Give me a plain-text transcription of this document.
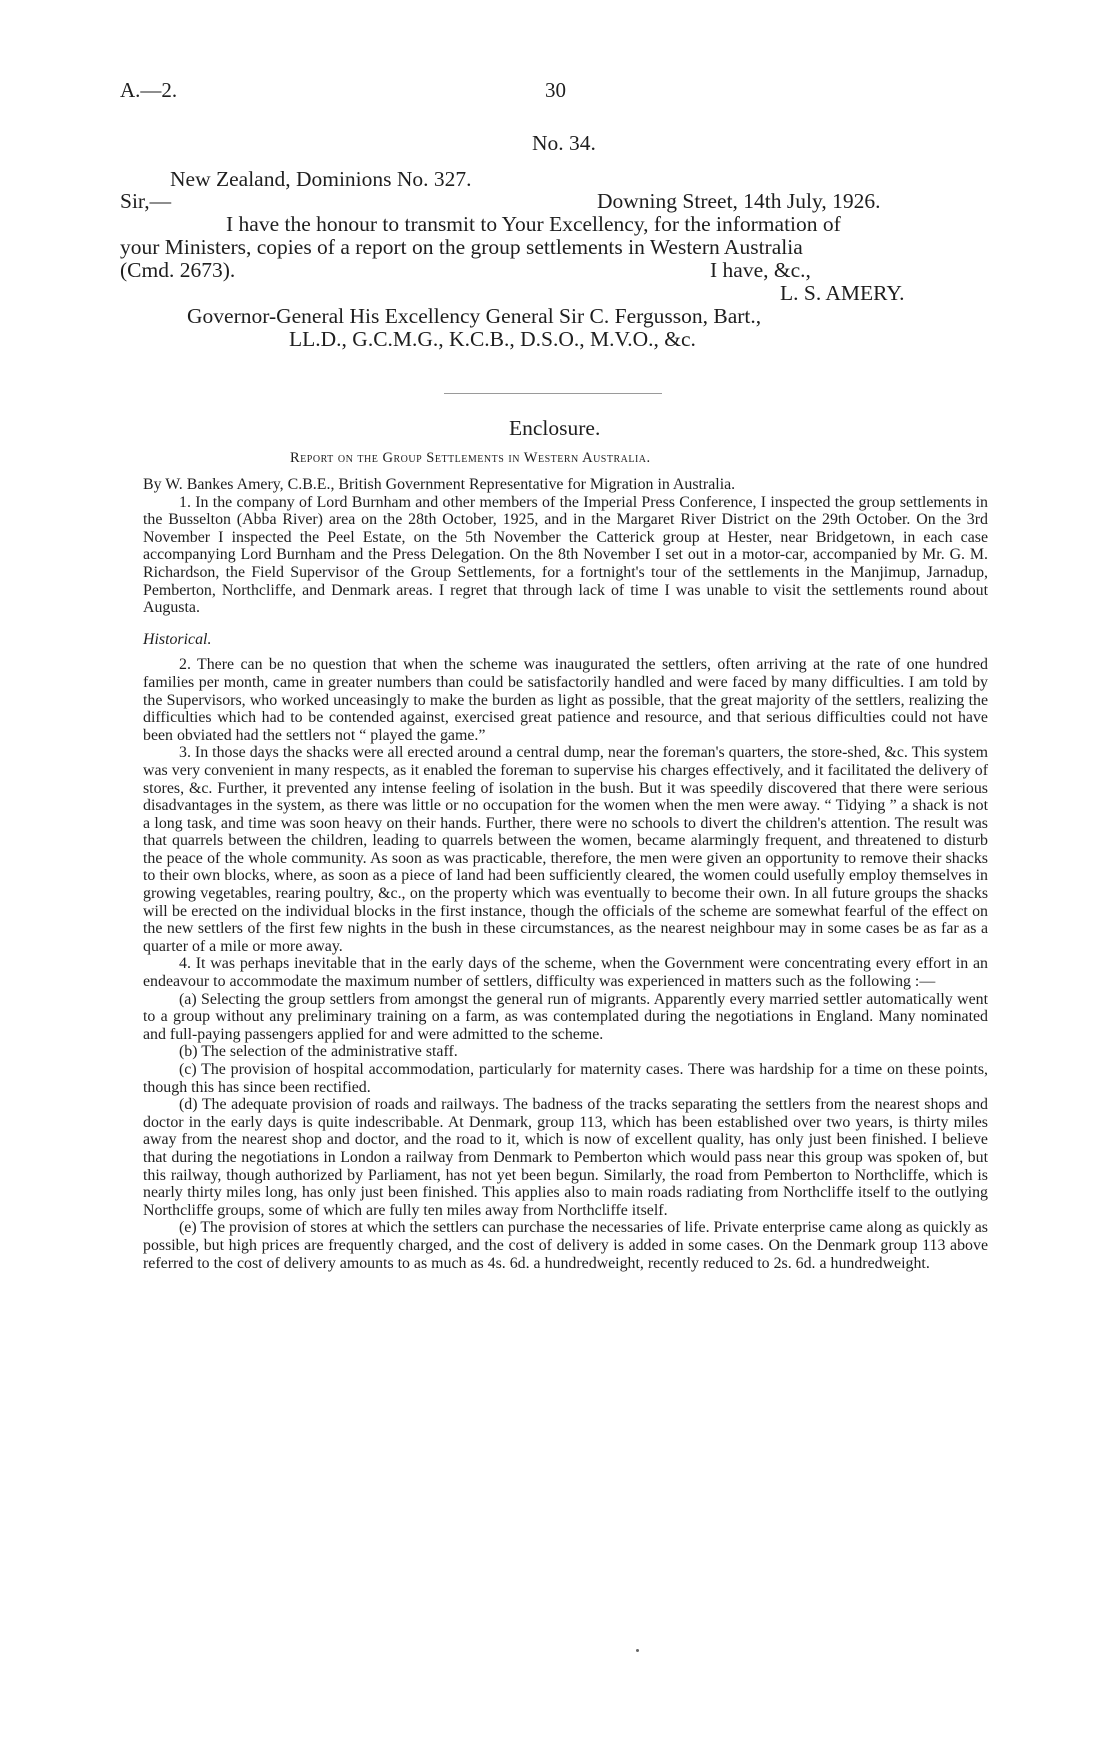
A.—2.	30
No. 34.
New Zealand, Dominions No. 327.
Sir,—	Downing Street, 14th July, 1926.
I have the honour to transmit to Your Excellency, for the information of
your Ministers, copies of a report on the group settlements in Western Australia
(Cmd. 2673).	I have, &c.,
L. S. AMERY.
Governor-General His Excellency General Sir C. Fergusson, Bart.,
LL.D., G.C.M.G., K.C.B., D.S.O., M.V.O., &c.
Enclosure.
Report on the Group Settlements in Western Australia.

By W. Bankes Amery, C.B.E., British Government Representative for Migration in Australia.

1. In the company of Lord Burnham and other members of the Imperial Press Conference, I inspected the group settlements in the Busselton (Abba River) area on the 28th October, 1925, and in the Margaret River District on the 29th October. On the 3rd November I inspected the Peel Estate, on the 5th November the Catterick group at Hester, near Bridgetown, in each case accompanying Lord Burnham and the Press Delegation. On the 8th November I set out in a motor-car, accompanied by Mr. G. M. Richardson, the Field Supervisor of the Group Settlements, for a fortnight's tour of the settlements in the Manjimup, Jarnadup, Pemberton, Northcliffe, and Denmark areas. I regret that through lack of time I was unable to visit the settlements round about Augusta.

Historical.

2. There can be no question that when the scheme was inaugurated the settlers, often arriving at the rate of one hundred families per month, came in greater numbers than could be satisfactorily handled and were faced by many difficulties. I am told by the Supervisors, who worked unceasingly to make the burden as light as possible, that the great majority of the settlers, realizing the difficulties which had to be contended against, exercised great patience and resource, and that serious difficulties could not have been obviated had the settlers not “ played the game.”

3. In those days the shacks were all erected around a central dump, near the foreman's quarters, the store-shed, &c. This system was very convenient in many respects, as it enabled the foreman to supervise his charges effectively, and it facilitated the delivery of stores, &c. Further, it prevented any intense feeling of isolation in the bush. But it was speedily discovered that there were serious disadvantages in the system, as there was little or no occupation for the women when the men were away. “ Tidying ” a shack is not a long task, and time was soon heavy on their hands. Further, there were no schools to divert the children's attention. The result was that quarrels between the children, leading to quarrels between the women, became alarmingly frequent, and threatened to disturb the peace of the whole community. As soon as was practicable, therefore, the men were given an opportunity to remove their shacks to their own blocks, where, as soon as a piece of land had been sufficiently cleared, the women could usefully employ themselves in growing vegetables, rearing poultry, &c., on the property which was eventually to become their own. In all future groups the shacks will be erected on the individual blocks in the first instance, though the officials of the scheme are somewhat fearful of the effect on the new settlers of the first few nights in the bush in these circumstances, as the nearest neighbour may in some cases be as far as a quarter of a mile or more away.

4. It was perhaps inevitable that in the early days of the scheme, when the Government were concentrating every effort in an endeavour to accommodate the maximum number of settlers, difficulty was experienced in matters such as the following :—

(a) Selecting the group settlers from amongst the general run of migrants. Apparently every married settler automatically went to a group without any preliminary training on a farm, as was contemplated during the negotiations in England. Many nominated and full-paying passengers applied for and were admitted to the scheme.

(b) The selection of the administrative staff.

(c) The provision of hospital accommodation, particularly for maternity cases. There was hardship for a time on these points, though this has since been rectified.

(d) The adequate provision of roads and railways. The badness of the tracks separating the settlers from the nearest shops and doctor in the early days is quite indescribable. At Denmark, group 113, which has been established over two years, is thirty miles away from the nearest shop and doctor, and the road to it, which is now of excellent quality, has only just been finished. I believe that during the negotiations in London a railway from Denmark to Pemberton which would pass near this group was spoken of, but this railway, though authorized by Parliament, has not yet been begun. Similarly, the road from Pemberton to Northcliffe, which is nearly thirty miles long, has only just been finished. This applies also to main roads radiating from Northcliffe itself to the outlying Northcliffe groups, some of which are fully ten miles away from Northcliffe itself.

(e) The provision of stores at which the settlers can purchase the necessaries of life. Private enterprise came along as quickly as possible, but high prices are frequently charged, and the cost of delivery is added in some cases. On the Denmark group 113 above referred to the cost of delivery amounts to as much as 4s. 6d. a hundredweight, recently reduced to 2s. 6d. a hundredweight.
